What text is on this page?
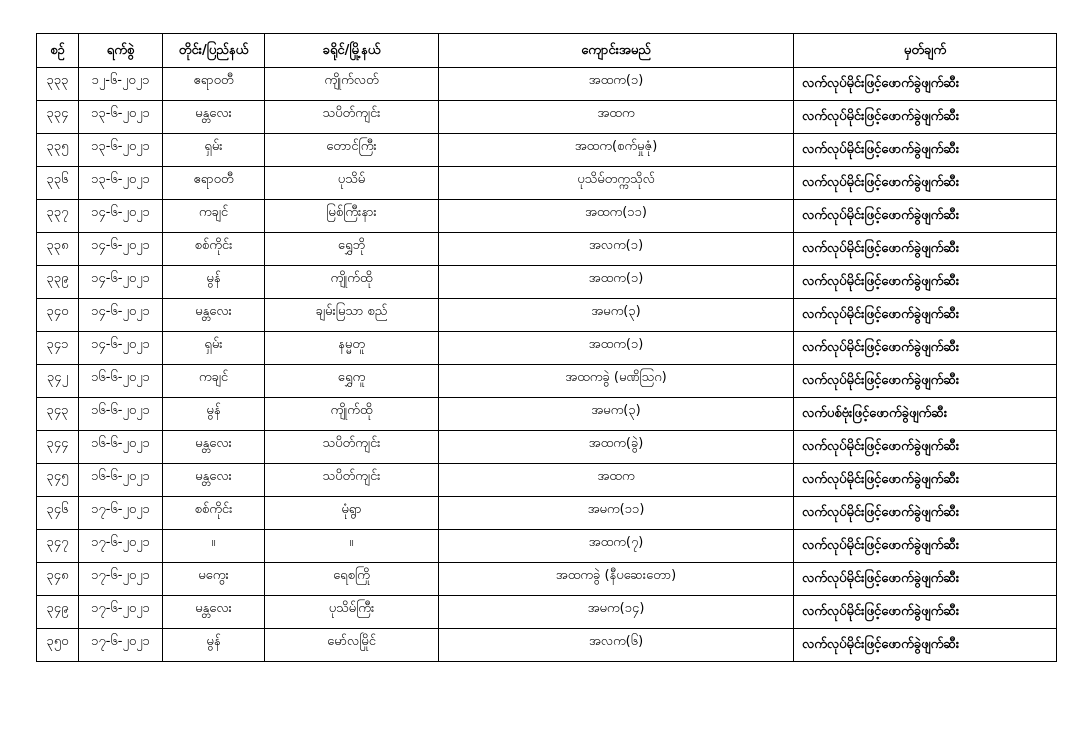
စဉ်	ရက်စွဲ	တိုင်း/ပြည်နယ်	ခရိုင်/မြို့နယ်	ကျောင်းအမည်	မှတ်ချက်
၃၃၃	၁၂-၆-၂၀၂၁	ဧရာဝတီ	ကျိုက်လတ်	အထက(၁)	လက်လုပ်မိုင်းဖြင့်ဖောက်ခွဲဖျက်ဆီး
၃၃၄	၁၃-၆-၂၀၂၁	မန္တလေး	သပိတ်ကျင်း	အထက	လက်လုပ်မိုင်းဖြင့်ဖောက်ခွဲဖျက်ဆီး
၃၃၅	၁၃-၆-၂၀၂၁	ရှမ်း	တောင်ကြီး	အထက(စက်မှုဇုံ)	လက်လုပ်မိုင်းဖြင့်ဖောက်ခွဲဖျက်ဆီး
၃၃၆	၁၃-၆-၂၀၂၁	ဧရာဝတီ	ပုသိမ်	ပုသိမ်တက္ကသိုလ်	လက်လုပ်မိုင်းဖြင့်ဖောက်ခွဲဖျက်ဆီး
၃၃၇	၁၄-၆-၂၀၂၁	ကချင်	မြစ်ကြီးနား	အထက(၁၁)	လက်လုပ်မိုင်းဖြင့်ဖောက်ခွဲဖျက်ဆီး
၃၃၈	၁၄-၆-၂၀၂၁	စစ်ကိုင်း	ရွှေဘို	အလက(၁)	လက်လုပ်မိုင်းဖြင့်ဖောက်ခွဲဖျက်ဆီး
၃၃၉	၁၄-၆-၂၀၂၁	မွန်	ကျိုက်ထို	အထက(၁)	လက်လုပ်မိုင်းဖြင့်ဖောက်ခွဲဖျက်ဆီး
၃၄၀	၁၄-၆-၂၀၂၁	မန္တလေး	ချမ်းမြသာ စည်	အမက(၃)	လက်လုပ်မိုင်းဖြင့်ဖောက်ခွဲဖျက်ဆီး
၃၄၁	၁၄-၆-၂၀၂၁	ရှမ်း	နမ္မတူ	အထက(၁)	လက်လုပ်မိုင်းဖြင့်ဖောက်ခွဲဖျက်ဆီး
၃၄၂	၁၆-၆-၂၀၂၁	ကချင်	ရွှေကူ	အထကခွဲ (မဏိဩဂ)	လက်လုပ်မိုင်းဖြင့်ဖောက်ခွဲဖျက်ဆီး
၃၄၃	၁၆-၆-၂၀၂၁	မွန်	ကျိုက်ထို	အမက(၃)	လက်ပစ်ဗုံးဖြင့်ဖောက်ခွဲဖျက်ဆီး
၃၄၄	၁၆-၆-၂၀၂၁	မန္တလေး	သပိတ်ကျင်း	အထက(ခွဲ)	လက်လုပ်မိုင်းဖြင့်ဖောက်ခွဲဖျက်ဆီး
၃၄၅	၁၆-၆-၂၀၂၁	မန္တလေး	သပိတ်ကျင်း	အထက	လက်လုပ်မိုင်းဖြင့်ဖောက်ခွဲဖျက်ဆီး
၃၄၆	၁၇-၆-၂၀၂၁	စစ်ကိုင်း	မုံရွာ	အမက(၁၁)	လက်လုပ်မိုင်းဖြင့်ဖောက်ခွဲဖျက်ဆီး
၃၄၇	၁၇-၆-၂၀၂၁	။	။	အထက(၇)	လက်လုပ်မိုင်းဖြင့်ဖောက်ခွဲဖျက်ဆီး
၃၄၈	၁၇-၆-၂၀၂၁	မကွေး	ရေစကြို	အထကခွဲ (နီပဆေးတော)	လက်လုပ်မိုင်းဖြင့်ဖောက်ခွဲဖျက်ဆီး
၃၄၉	၁၇-၆-၂၀၂၁	မန္တလေး	ပုသိမ်ကြီး	အမက(၁၄)	လက်လုပ်မိုင်းဖြင့်ဖောက်ခွဲဖျက်ဆီး
၃၅၀	၁၇-၆-၂၀၂၁	မွန်	မော်လမြိုင်	အလက(၆)	လက်လုပ်မိုင်းဖြင့်ဖောက်ခွဲဖျက်ဆီး
